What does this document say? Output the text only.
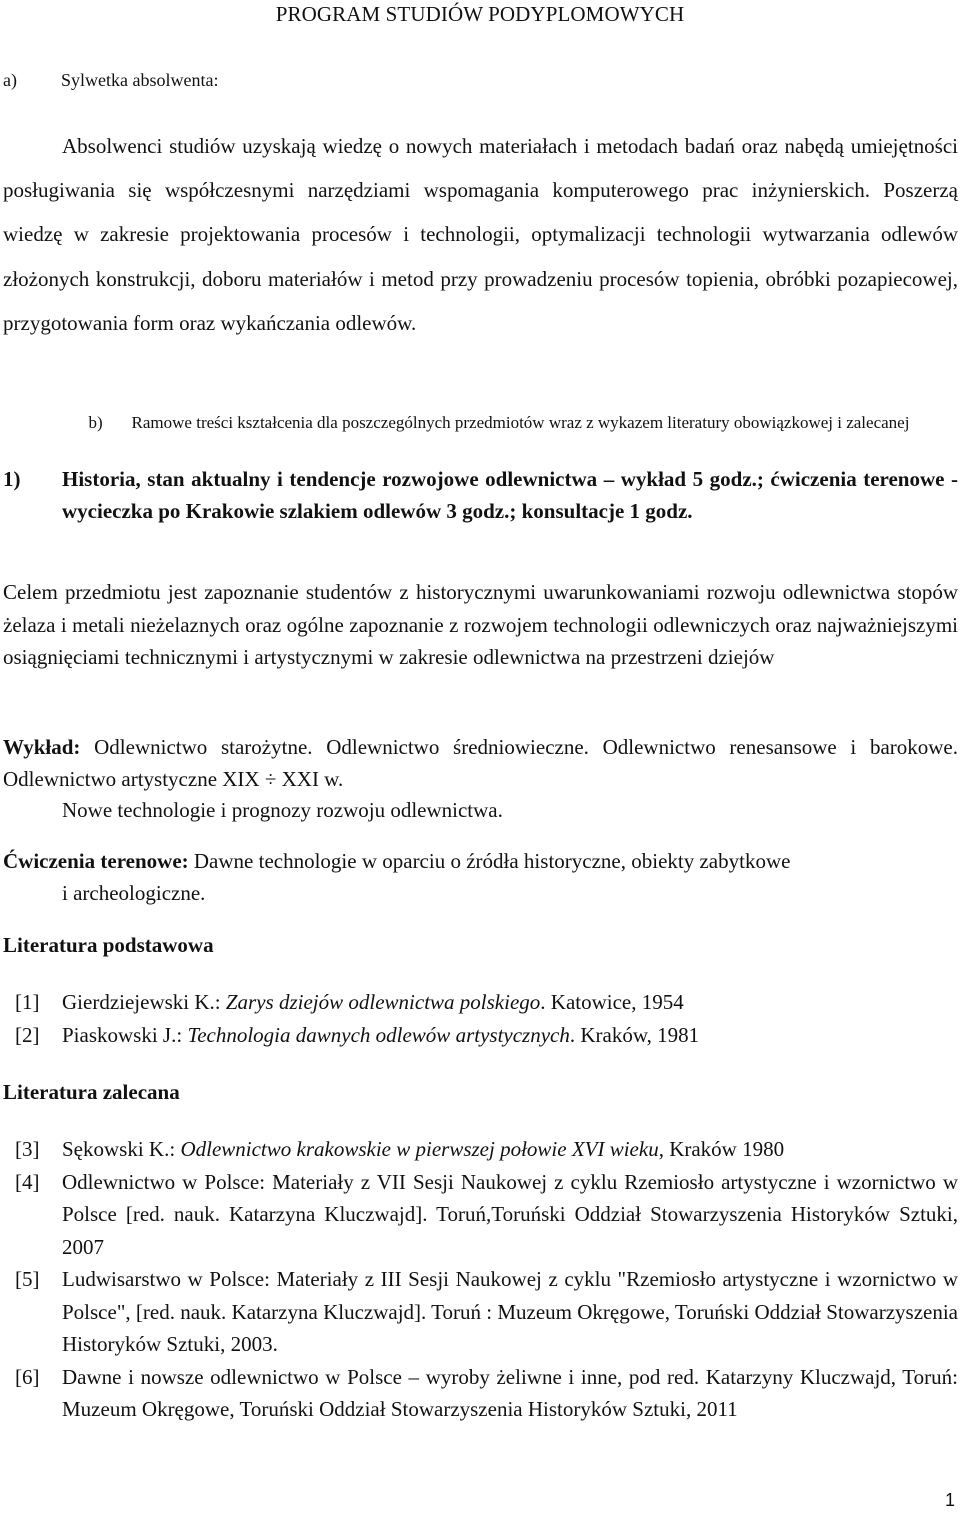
PROGRAM STUDIÓW PODYPLOMOWYCH

a) Sylwetka absolwenta:

Absolwenci studiów uzyskają wiedzę o nowych materiałach i metodach badań oraz nabędą umiejętności posługiwania się współczesnymi narzędziami wspomagania komputerowego prac inżynierskich. Poszerzą wiedzę w zakresie projektowania procesów i technologii, optymalizacji technologii wytwarzania odlewów złożonych konstrukcji, doboru materiałów i metod przy prowadzeniu procesów topienia, obróbki pozapiecowej, przygotowania form oraz wykańczania odlewów.

b) Ramowe treści kształcenia dla poszczególnych przedmiotów wraz z wykazem literatury obowiązkowej i zalecanej

1) Historia, stan aktualny i tendencje rozwojowe odlewnictwa – wykład 5 godz.; ćwiczenia terenowe - wycieczka po Krakowie szlakiem odlewów 3 godz.; konsultacje 1 godz.

Celem przedmiotu jest zapoznanie studentów z historycznymi uwarunkowaniami rozwoju odlewnictwa stopów żelaza i metali nieżelaznych oraz ogólne zapoznanie z rozwojem technologii odlewniczych oraz najważniejszymi osiągnięciami technicznymi i artystycznymi w zakresie odlewnictwa na przestrzeni dziejów

Wykład: Odlewnictwo starożytne. Odlewnictwo średniowieczne. Odlewnictwo renesansowe i barokowe. Odlewnictwo artystyczne XIX ÷ XXI w.

Nowe technologie i prognozy rozwoju odlewnictwa.

Ćwiczenia terenowe: Dawne technologie w oparciu o źródła historyczne, obiekty zabytkowe
i archeologiczne.

Literatura podstawowa

[1] Gierdziejewski K.: Zarys dziejów odlewnictwa polskiego. Katowice, 1954
[2] Piaskowski J.: Technologia dawnych odlewów artystycznych. Kraków, 1981

Literatura zalecana

[3] Sękowski K.: Odlewnictwo krakowskie w pierwszej połowie XVI wieku, Kraków 1980
[4] Odlewnictwo w Polsce: Materiały z VII Sesji Naukowej z cyklu Rzemiosło artystyczne i wzornictwo w Polsce [red. nauk. Katarzyna Kluczwajd]. Toruń,Toruński Oddział Stowarzyszenia Historyków Sztuki, 2007
[5] Ludwisarstwo w Polsce: Materiały z III Sesji Naukowej z cyklu "Rzemiosło artystyczne i wzornictwo w Polsce", [red. nauk. Katarzyna Kluczwajd]. Toruń : Muzeum Okręgowe, Toruński Oddział Stowarzyszenia Historyków Sztuki, 2003.
[6] Dawne i nowsze odlewnictwo w Polsce – wyroby żeliwne i inne, pod red. Katarzyny Kluczwajd, Toruń: Muzeum Okręgowe, Toruński Oddział Stowarzyszenia Historyków Sztuki, 2011
1
